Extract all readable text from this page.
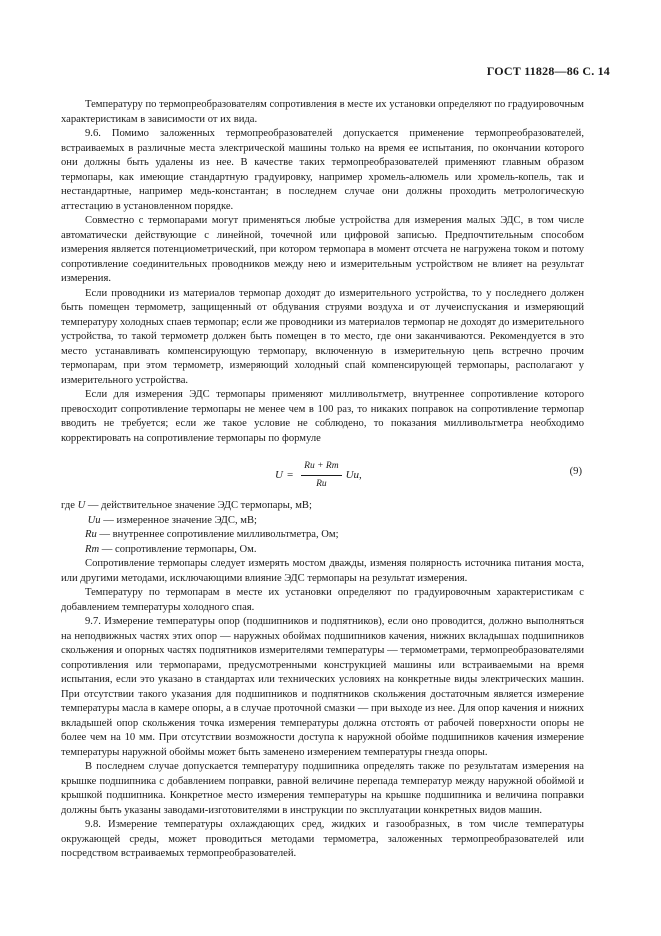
ГОСТ 11828—86 С. 14

Температуру по термопреобразователям сопротивления в месте их установки определяют по градуировочным характеристикам в зависимости от их вида.

9.6. Помимо заложенных термопреобразователей допускается применение термопреобразователей, встраиваемых в различные места электрической машины только на время ее испытания, по окончании которого они должны быть удалены из нее. В качестве таких термопреобразователей применяют главным образом термопары, как имеющие стандартную градуировку, например хромель-алюмель или хромель-копель, так и нестандартные, например медь-константан; в последнем случае они должны проходить метрологическую аттестацию в установленном порядке.

Совместно с термопарами могут применяться любые устройства для измерения малых ЭДС, в том числе автоматически действующие с линейной, точечной или цифровой записью. Предпочтительным способом измерения является потенциометрический, при котором термопара в момент отсчета не нагружена током и потому сопротивление соединительных проводников между нею и измерительным устройством не влияет на результат измерения.

Если проводники из материалов термопар доходят до измерительного устройства, то у последнего должен быть помещен термометр, защищенный от обдувания струями воздуха и от лучеиспускания и измеряющий температуру холодных спаев термопар; если же проводники из материалов термопар не доходят до измерительного устройства, то такой термометр должен быть помещен в то место, где они заканчиваются. Рекомендуется в это место устанавливать компенсирующую термопару, включенную в измерительную цепь встречно прочим термопарам, при этом термометр, измеряющий холодный спай компенсирующей термопары, располагают у измерительного устройства.

Если для измерения ЭДС термопары применяют милливольтметр, внутреннее сопротивление которого превосходит сопротивление термопары не менее чем в 100 раз, то никаких поправок на сопротивление термопар вводить не требуется; если же такое условие не соблюдено, то показания милливольтметра необходимо корректировать на сопротивление термопары по формуле

$U = \frac{Rи + Rт}{Rи}$ Uи,	(9)

где U — действительное значение ЭДС термопары, мВ;

Uи — измеренное значение ЭДС, мВ;

Rи — внутреннее сопротивление милливольтметра, Ом;

Rт — сопротивление термопары, Ом.

Сопротивление термопары следует измерять мостом дважды, изменяя полярность источника питания моста, или другими методами, исключающими влияние ЭДС термопары на результат измерения.

Температуру по термопарам в месте их установки определяют по градуировочным характеристикам с добавлением температуры холодного спая.

9.7. Измерение температуры опор (подшипников и подпятников), если оно проводится, должно выполняться на неподвижных частях этих опор — наружных обоймах подшипников качения, нижних вкладышах подшипников скольжения и опорных частях подпятников измерителями температуры — термометрами, термопреобразователями сопротивления или термопарами, предусмотренными конструкцией машины или встраиваемыми на время испытания, если это указано в стандартах или технических условиях на конкретные виды электрических машин. При отсутствии такого указания для подшипников и подпятников скольжения достаточным является измерение температуры масла в камере опоры, а в случае проточной смазки — при выходе из нее. Для опор качения и нижних вкладышей опор скольжения точка измерения температуры должна отстоять от рабочей поверхности опоры не более чем на 10 мм. При отсутствии возможности доступа к наружной обойме подшипников качения измерение температуры наружной обоймы может быть заменено измерением температуры гнезда опоры.

В последнем случае допускается температуру подшипника определять также по результатам измерения на крышке подшипника с добавлением поправки, равной величине перепада температур между наружной обоймой и крышкой подшипника. Конкретное место измерения температуры на крышке подшипника и величина поправки должны быть указаны заводами-изготовителями в инструкции по эксплуатации конкретных видов машин.

9.8. Измерение температуры охлаждающих сред, жидких и газообразных, в том числе температуры окружающей среды, может проводиться методами термометра, заложенных термопреобразователей или посредством встраиваемых термопреобразователей.
